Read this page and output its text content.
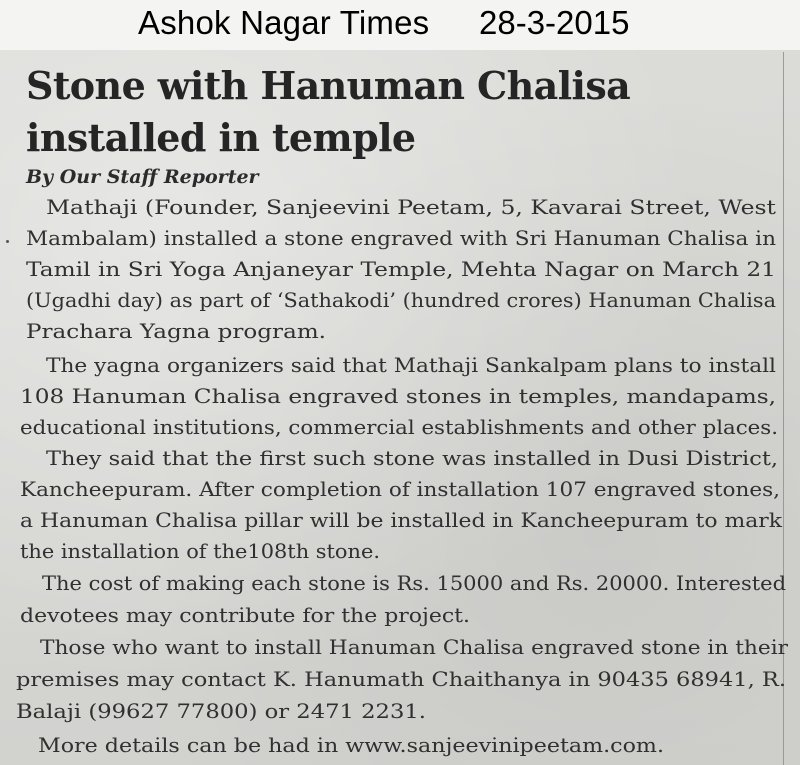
Ashok Nagar Times 28-3-2015
Stone with Hanuman Chalisa
installed in temple
By Our Staff Reporter
Mathaji (Founder, Sanjeevini Peetam, 5, Kavarai Street, West
Mambalam) installed a stone engraved with Sri Hanuman Chalisa in
Tamil in Sri Yoga Anjaneyar Temple, Mehta Nagar on March 21
(Ugadhi day) as part of ‘Sathakodi’ (hundred crores) Hanuman Chalisa
Prachara Yagna program.
The yagna organizers said that Mathaji Sankalpam plans to install
108 Hanuman Chalisa engraved stones in temples, mandapams,
educational institutions, commercial establishments and other places.
They said that the first such stone was installed in Dusi District,
Kancheepuram. After completion of installation 107 engraved stones,
a Hanuman Chalisa pillar will be installed in Kancheepuram to mark
the installation of the108th stone.
The cost of making each stone is Rs. 15000 and Rs. 20000. Interested
devotees may contribute for the project.
Those who want to install Hanuman Chalisa engraved stone in their
premises may contact K. Hanumath Chaithanya in 90435 68941, R.
Balaji (99627 77800) or 2471 2231.
More details can be had in www.sanjeevinipeetam.com.
